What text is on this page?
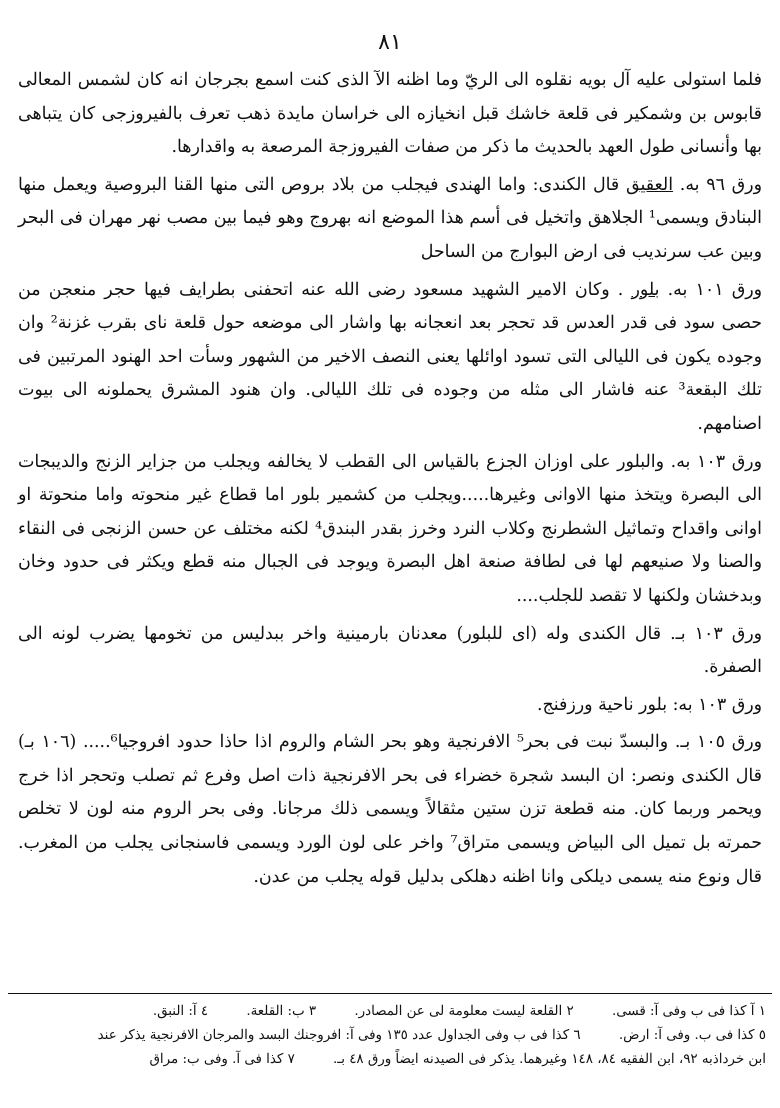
٨١

فلما استولى عليه آل بويه نقلوه الى الريّ وما اظنه الآ الذى كنت اسمع بجرجان انه كان لشمس المعالى قابوس بن وشمكير فى قلعة خاشك قبل انخيازه الى خراسان مايدة ذهب تعرف بالفيروزجى كان يتباهى بها وأنسانى طول العهد بالحديث ما ذكر من صفات الفيروزجة المرصعة به واقدارها.

ورق ٩٦ به. العقيق قال الكندى: واما الهندى فيجلب من بلاد بروص التى منها القنا البروصية ويعمل منها البنادق ويسمى¹ الجلاهق واتخيل فى أسم هذا الموضع انه بهروج وهو فيما بين مصب نهر مهران فى البحر وبين عب سرنديب فى ارض البوارج من الساحل

ورق ١٠١ به. بلور . وكان الامير الشهيد مسعود رضى الله عنه اتحفنى بطرايف فيها حجر منعجن من حصى سود فى قدر العدس قد تحجر بعد انعجانه بها واشار الى موضعه حول قلعة ناى بقرب غزنة² وان وجوده يكون فى الليالى التى تسود اوائلها يعنى النصف الاخير من الشهور وسأت احد الهنود المرتبين فى تلك البقعة³ عنه فاشار الى مثله من وجوده فى تلك الليالى. وان هنود المشرق يحملونه الى بيوت اصنامهم.

ورق ١٠٣ به. والبلور على اوزان الجزع بالقياس الى القطب لا يخالفه ويجلب من جزاير الزنج والديبجات الى البصرة ويتخذ منها الاوانى وغيرها.....ويجلب من كشمير بلور اما قطاع غير منحوته واما منحوتة او اوانى واقداح وتماثيل الشطرنج وكلاب النرد وخرز بقدر البندق⁴ لكنه مختلف عن حسن الزنجى فى النقاء والصنا ولا صنيعهم لها فى لطافة صنعة اهل البصرة ويوجد فى الجبال منه قطع ويكثر فى حدود وخان وبدخشان ولكنها لا تقصد للجلب....

ورق ١٠٣ بـ. قال الكندى وله (اى للبلور) معدنان بارمينية واخر ببدليس من تخومها يضرب لونه الى الصفرة.

ورق ١٠٣ به: بلور ناحية ورزفنج.

ورق ١٠٥ بـ. والبسدّ نبت فى بحر⁵ الافرنجية وهو بحر الشام والروم اذا حاذا حدود افروجيا⁶..... (١٠٦ بـ) قال الكندى ونصر: ان البسد شجرة خضراء فى بحر الافرنجية ذات اصل وفرع ثم تصلب وتحجر اذا خرج ويحمر وربما كان. منه قطعة تزن ستين مثقالاً ويسمى ذلك مرجانا. وفى بحر الروم منه لون لا تخلص حمرته بل تميل الى البياض ويسمى متراق⁷ واخر على لون الورد ويسمى فاسنجانى يجلب من المغرب. قال ونوع منه يسمى ديلكى وانا اظنه دهلكى بدليل قوله يجلب من عدن.

١ آ كذا فى ب وفى آ: قسى. ٢ القلعة ليست معلومة لى عن المصادر. ٣ ب: القلعة. ٤ آ: النبق.
٥ كذا فى ب. وفى آ: ارض. ٦ كذا فى ب وفى الجداول عدد ١٣٥ وفى آ: افروجنك البسد والمرجان الافرنجية يذكر عند
ابن خرداذبه ٩٢، ابن الفقيه ٨٤، ١٤٨ وغيرهما. يذكر فى الصيدنه ايضاً ورق ٤٨ بـ. ٧ كذا فى آ. وفى ب: مراق
